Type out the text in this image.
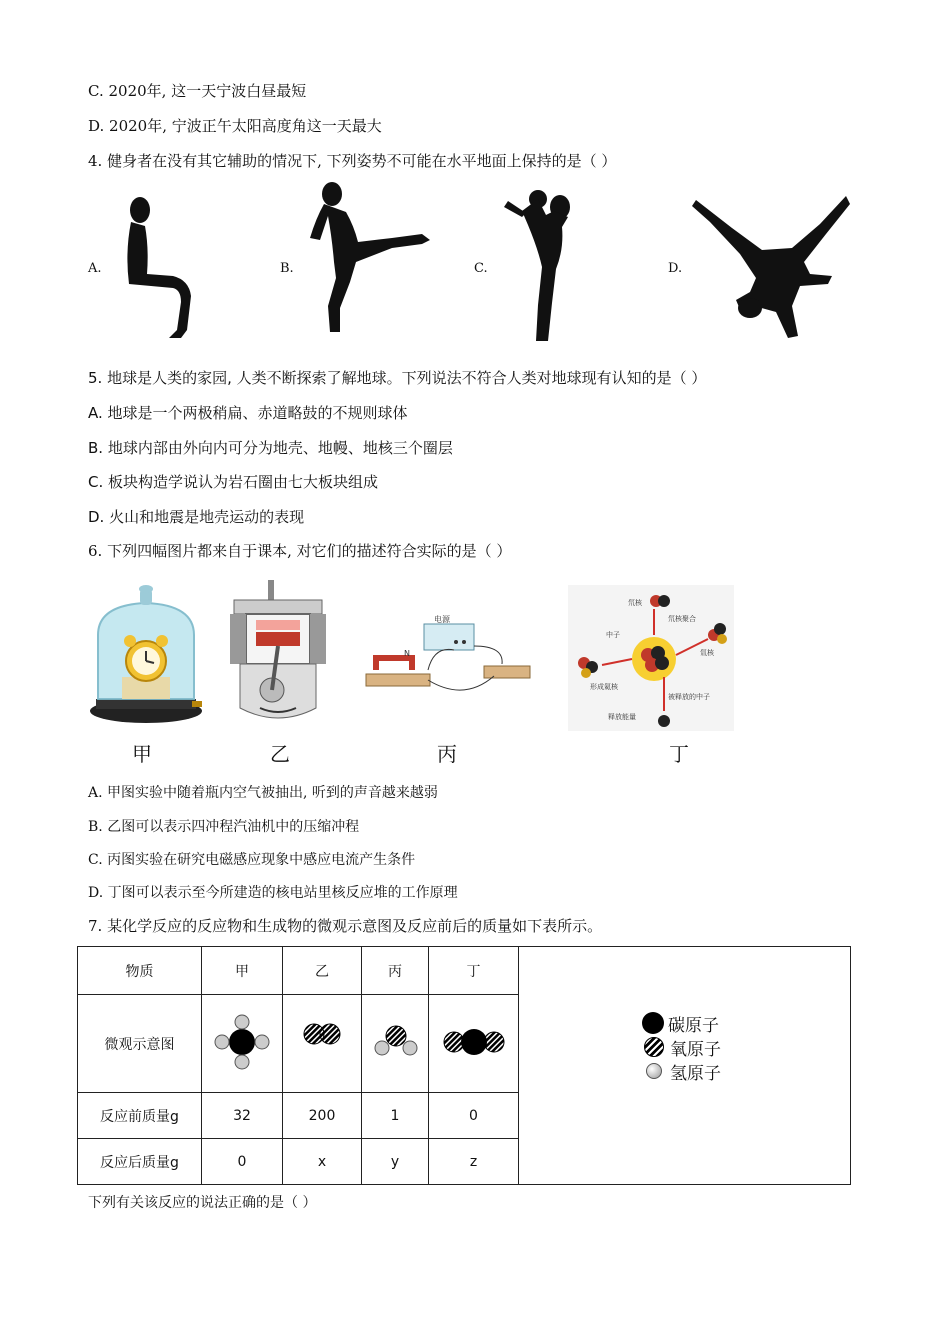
C. 2020年, 这一天宁波白昼最短
D. 2020年, 宁波正午太阳高度角这一天最大
4. 健身者在没有其它辅助的情况下, 下列姿势不可能在水平地面上保持的是（ ）
A.	B.	C.	D.
5. 地球是人类的家园, 人类不断探索了解地球。下列说法不符合人类对地球现有认知的是（ ）
A. 地球是一个两极稍扁、赤道略鼓的不规则球体
B. 地球内部由外向内可分为地壳、地幔、地核三个圈层
C. 板块构造学说认为岩石圈由七大板块组成
D. 火山和地震是地壳运动的表现
6. 下列四幅图片都来自于课本, 对它们的描述符合实际的是（ ）
甲	乙
电源
N
丙
氘核
氘核聚合
氚核
中子
形成氦核
被释放的中子
释放能量
丁
A. 甲图实验中随着瓶内空气被抽出, 听到的声音越来越弱
B. 乙图可以表示四冲程汽油机中的压缩冲程
C. 丙图实验在研究电磁感应现象中感应电流产生条件
D. 丁图可以表示至今所建造的核电站里核反应堆的工作原理
7. 某化学反应的反应物和生成物的微观示意图及反应前后的质量如下表所示。
物质	甲	乙	丙	丁	碳原子
氧原子
氢原子

微观示意图				
反应前质量g	32	200	1	0	
反应后质量g	0	x	y	z	
下列有关该反应的说法正确的是（ ）
